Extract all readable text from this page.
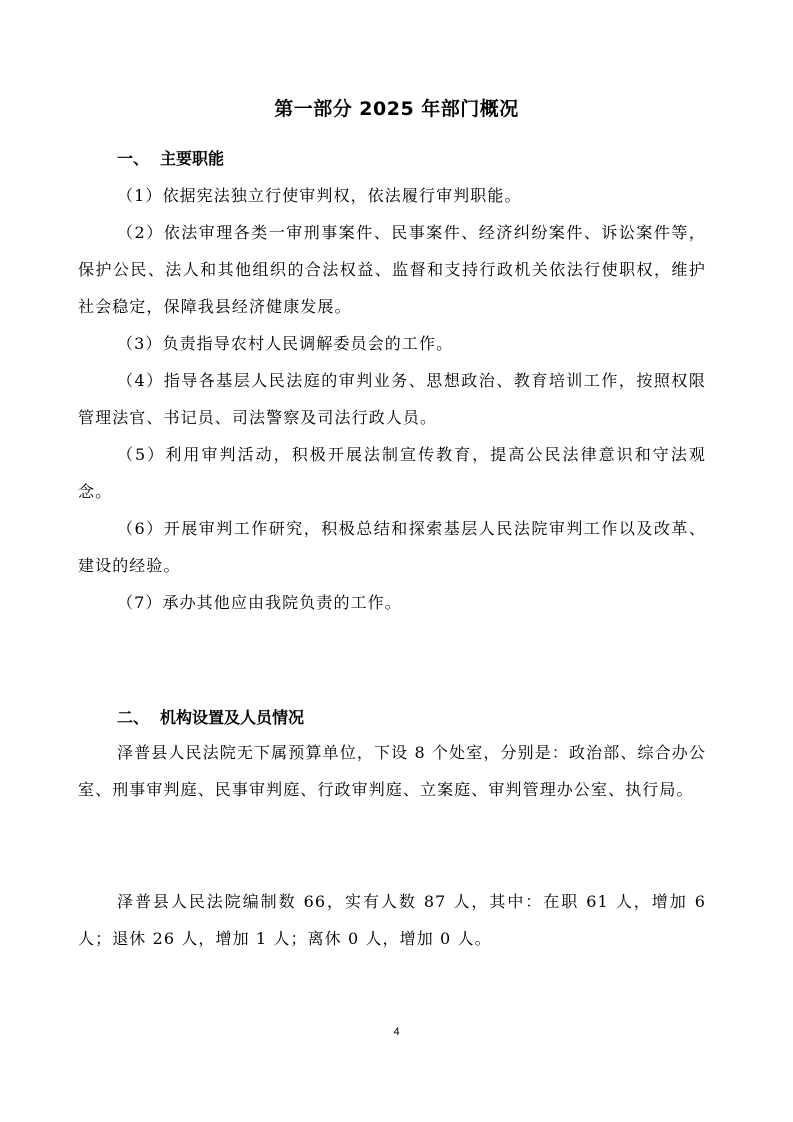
第一部分 2025 年部门概况
一、 主要职能

（1）依据宪法独立行使审判权，依法履行审判职能。

（2）依法审理各类一审刑事案件、民事案件、经济纠纷案件、诉讼案件等，保护公民、法人和其他组织的合法权益、监督和支持行政机关依法行使职权，维护社会稳定，保障我县经济健康发展。

（3）负责指导农村人民调解委员会的工作。

（4）指导各基层人民法庭的审判业务、思想政治、教育培训工作，按照权限管理法官、书记员、司法警察及司法行政人员。

（5）利用审判活动，积极开展法制宣传教育，提高公民法律意识和守法观念。

（6）开展审判工作研究，积极总结和探索基层人民法院审判工作以及改革、建设的经验。

（7）承办其他应由我院负责的工作。

二、 机构设置及人员情况

泽普县人民法院无下属预算单位，下设 8 个处室，分别是：政治部、综合办公室、刑事审判庭、民事审判庭、行政审判庭、立案庭、审判管理办公室、执行局。

泽普县人民法院编制数 66，实有人数 87 人，其中：在职 61 人，增加 6 人；退休 26 人，增加 1 人；离休 0 人，增加 0 人。

4
